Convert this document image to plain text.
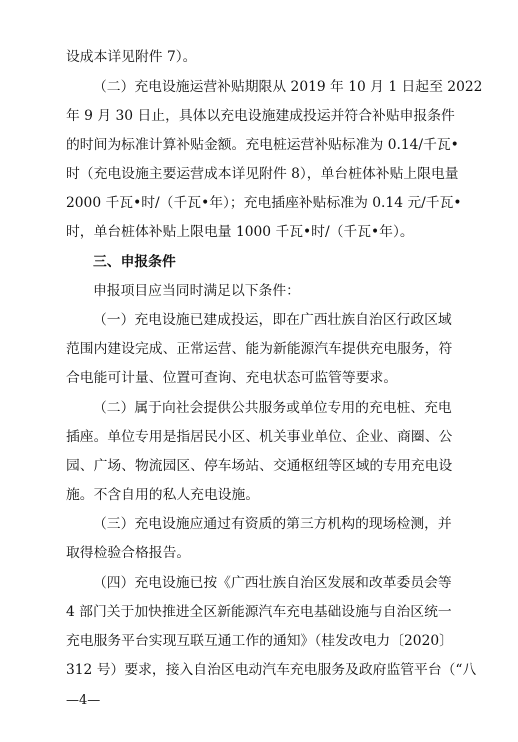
设成本详见附件 7）。
（二）充电设施运营补贴期限从 2019 年 10 月 1 日起至 2022
年 9 月 30 日止，具体以充电设施建成投运并符合补贴申报条件
的时间为标准计算补贴金额。充电桩运营补贴标准为 0.14/千瓦•
时（充电设施主要运营成本详见附件 8），单台桩体补贴上限电量
2000 千瓦•时/（千瓦•年）；充电插座补贴标准为 0.14 元/千瓦•
时，单台桩体补贴上限电量 1000 千瓦•时/（千瓦•年）。
三、申报条件
申报项目应当同时满足以下条件：
（一）充电设施已建成投运，即在广西壮族自治区行政区域
范围内建设完成、正常运营、能为新能源汽车提供充电服务，符
合电能可计量、位置可查询、充电状态可监管等要求。
（二）属于向社会提供公共服务或单位专用的充电桩、充电
插座。单位专用是指居民小区、机关事业单位、企业、商圈、公
园、广场、物流园区、停车场站、交通枢纽等区域的专用充电设
施。不含自用的私人充电设施。
（三）充电设施应通过有资质的第三方机构的现场检测，并
取得检验合格报告。
（四）充电设施已按《广西壮族自治区发展和改革委员会等
4 部门关于加快推进全区新能源汽车充电基础设施与自治区统一
充电服务平台实现互联互通工作的通知》（桂发改电力〔2020〕
312 号）要求，接入自治区电动汽车充电服务及政府监管平台（“八
—4—
